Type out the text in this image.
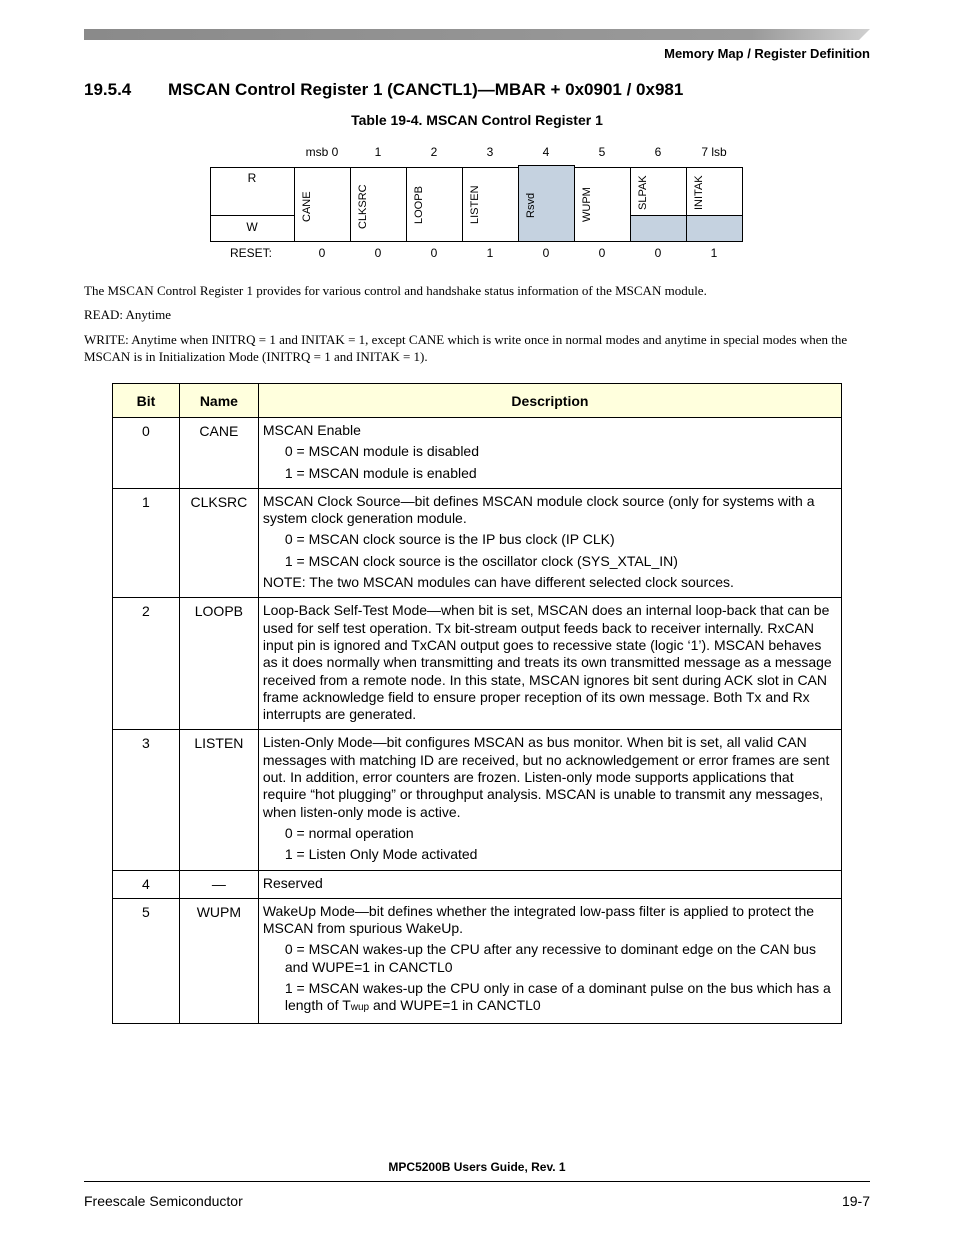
Memory Map / Register Definition
19.5.4 MSCAN Control Register 1 (CANCTL1)—MBAR + 0x0901 / 0x981
Table 19-4. MSCAN Control Register 1
msb 0	1	2	3	4	5	6	7 lsb
R
W
CANE	CLKSRC	LOOPB	LISTEN	Rsvd	WUPM	SLPAK	INITAK
RESET:	0	0	0	1	0	0	0	1

The MSCAN Control Register 1 provides for various control and handshake status information of the MSCAN module.

READ: Anytime

WRITE: Anytime when INITRQ = 1 and INITAK = 1, except CANE which is write once in normal modes and anytime in special modes when the MSCAN is in Initialization Mode (INITRQ = 1 and INITAK = 1).

Bit	Name	Description
0	CANE	MSCAN Enable
0 = MSCAN module is disabled
1 = MSCAN module is enabled

1	CLKSRC	MSCAN Clock Source—bit defines MSCAN module clock source (only for systems with a system clock generation module.
0 = MSCAN clock source is the IP bus clock (IP CLK)
1 = MSCAN clock source is the oscillator clock (SYS_XTAL_IN)
NOTE: The two MSCAN modules can have different selected clock sources.

2	LOOPB	Loop-Back Self-Test Mode—when bit is set, MSCAN does an internal loop-back that can be used for self test operation. Tx bit-stream output feeds back to receiver internally. RxCAN input pin is ignored and TxCAN output goes to recessive state (logic ‘1’). MSCAN behaves as it does normally when transmitting and treats its own transmitted message as a message received from a remote node. In this state, MSCAN ignores bit sent during ACK slot in CAN frame acknowledge field to ensure proper reception of its own message. Both Tx and Rx interrupts are generated.

3	LISTEN	Listen-Only Mode—bit configures MSCAN as bus monitor. When bit is set, all valid CAN messages with matching ID are received, but no acknowledgement or error frames are sent out. In addition, error counters are frozen. Listen-only mode supports applications that require “hot plugging” or throughput analysis. MSCAN is unable to transmit any messages, when listen-only mode is active.
0 = normal operation
1 = Listen Only Mode activated

4	—	Reserved

5	WUPM	WakeUp Mode—bit defines whether the integrated low-pass filter is applied to protect the MSCAN from spurious WakeUp.
0 = MSCAN wakes-up the CPU after any recessive to dominant edge on the CAN bus and WUPE=1 in CANCTL0
1 = MSCAN wakes-up the CPU only in case of a dominant pulse on the bus which has a length of Twup and WUPE=1 in CANCTL0
MPC5200B Users Guide, Rev. 1
Freescale Semiconductor	19-7
